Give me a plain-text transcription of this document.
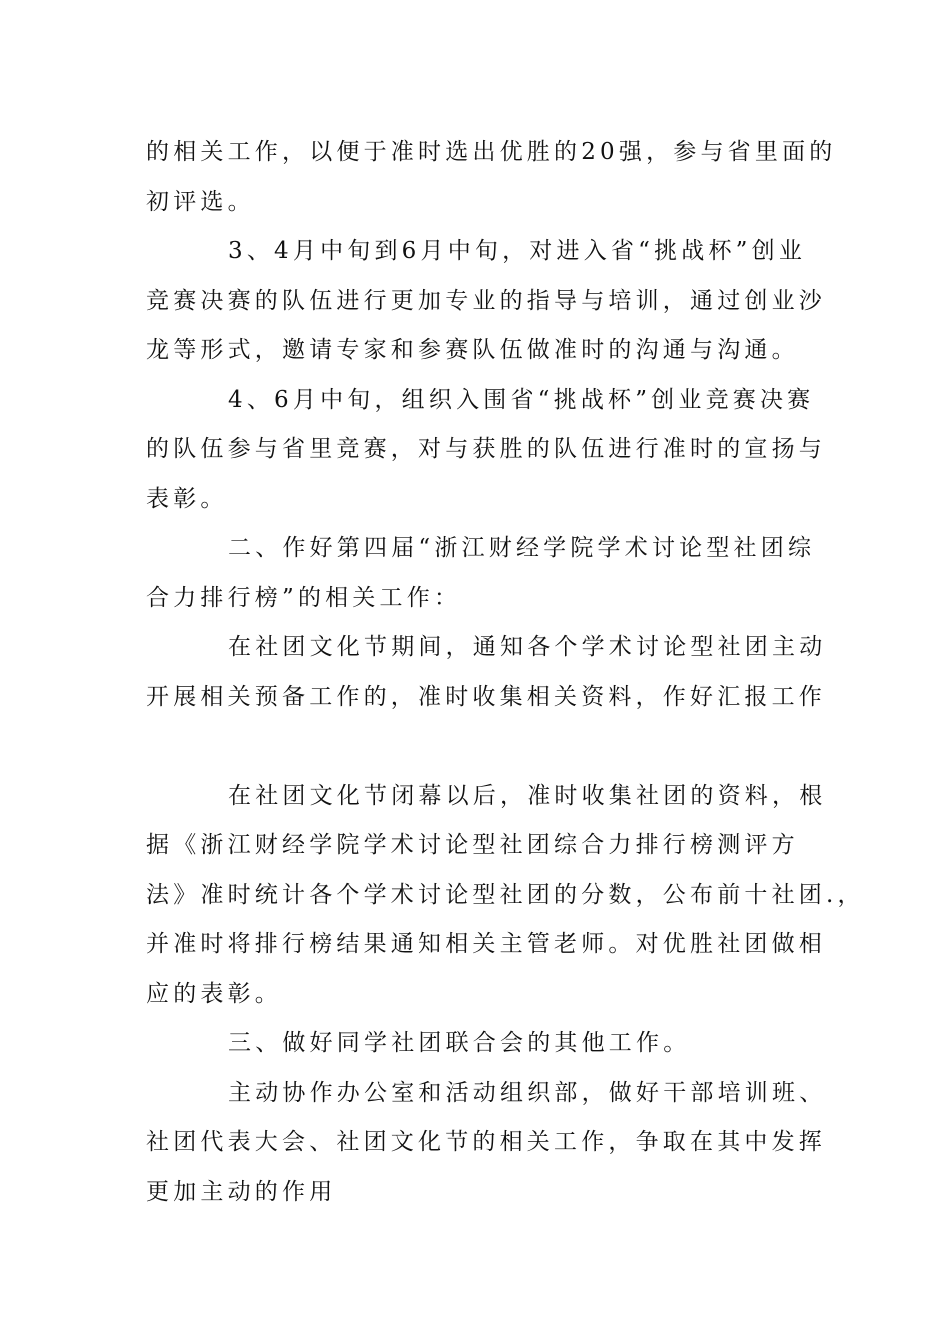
的相关工作，以便于准时选出优胜的20强，参与省里面的
初评选。
3、4月中旬到6月中旬，对进入省“挑战杯”创业
竞赛决赛的队伍进行更加专业的指导与培训，通过创业沙
龙等形式，邀请专家和参赛队伍做准时的沟通与沟通。
4、6月中旬，组织入围省“挑战杯”创业竞赛决赛
的队伍参与省里竞赛，对与获胜的队伍进行准时的宣扬与
表彰。
二、作好第四届“浙江财经学院学术讨论型社团综
合力排行榜”的相关工作：
在社团文化节期间，通知各个学术讨论型社团主动
开展相关预备工作的，准时收集相关资料，作好汇报工作
在社团文化节闭幕以后，准时收集社团的资料，根
据《浙江财经学院学术讨论型社团综合力排行榜测评方
法》准时统计各个学术讨论型社团的分数，公布前十社团.，
并准时将排行榜结果通知相关主管老师。对优胜社团做相
应的表彰。
三、做好同学社团联合会的其他工作。
主动协作办公室和活动组织部，做好干部培训班、
社团代表大会、社团文化节的相关工作，争取在其中发挥
更加主动的作用
